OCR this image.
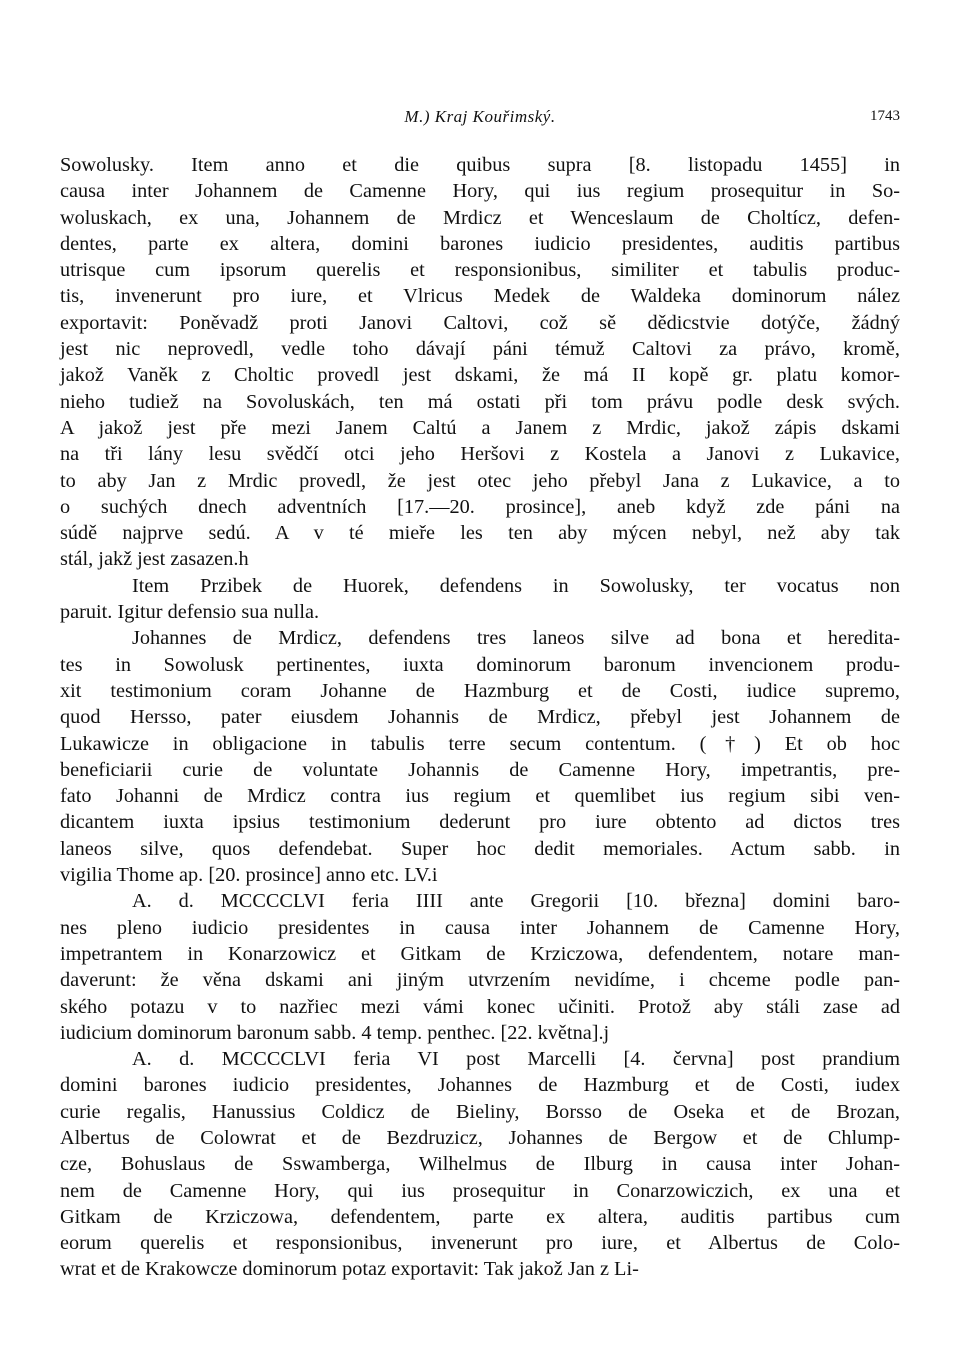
M.) Kraj Kouřimský.	1743
Sowolusky. Item anno et die quibus supra [8. listopadu 1455] in
causa inter Johannem de Camenne Hory, qui ius regium prosequitur in So-
woluskach, ex una, Johannem de Mrdicz et Wenceslaum de Choltícz, defen-
dentes, parte ex altera, domini barones iudicio presidentes, auditis partibus
utrisque cum ipsorum querelis et responsionibus, similiter et tabulis produc-
tis, invenerunt pro iure, et Vlricus Medek de Waldeka dominorum nález
exportavit: Poněvadž proti Janovi Caltovi, což sě dědicstvie dotýče, žádný
jest nic neprovedl, vedle toho dávají páni témuž Caltovi za právo, kromě,
jakož Vaněk z Choltic provedl jest dskami, že má II kopě gr. platu komor-
nieho tudiež na Sovoluskách, ten má ostati při tom právu podle desk svých.
A jakož jest pře mezi Janem Caltú a Janem z Mrdic, jakož zápis dskami
na tři lány lesu svědčí otci jeho Heršovi z Kostela a Janovi z Lukavice,
to aby Jan z Mrdic provedl, že jest otec jeho přebyl Jana z Lukavice, a to
o suchých dnech adventních [17.—20. prosince], aneb když zde páni na
súdě najprve sedú. A v té mieře les ten aby mýcen nebyl, než aby tak
stál, jakž jest zasazen.h
Item Przibek de Huorek, defendens in Sowolusky, ter vocatus non
paruit. Igitur defensio sua nulla.
Johannes de Mrdicz, defendens tres laneos silve ad bona et heredita-
tes in Sowolusk pertinentes, iuxta dominorum baronum invencionem produ-
xit testimonium coram Johanne de Hazmburg et de Costi, iudice supremo,
quod Hersso, pater eiusdem Johannis de Mrdicz, přebyl jest Johannem de
Lukawicze in obligacione in tabulis terre secum contentum. (†) Et ob hoc
beneficiarii curie de voluntate Johannis de Camenne Hory, impetrantis, pre-
fato Johanni de Mrdicz contra ius regium et quemlibet ius regium sibi ven-
dicantem iuxta ipsius testimonium dederunt pro iure obtento ad dictos tres
laneos silve, quos defendebat. Super hoc dedit memoriales. Actum sabb. in
vigilia Thome ap. [20. prosince] anno etc. LV.i
A. d. MCCCCLVI feria IIII ante Gregorii [10. března] domini baro-
nes pleno iudicio presidentes in causa inter Johannem de Camenne Hory,
impetrantem in Konarzowicz et Gitkam de Krziczowa, defendentem, notare man-
daverunt: že věna dskami ani jiným utvrzením nevidíme, i chceme podle pan-
ského potazu v to nazřiec mezi vámi konec učiniti. Protož aby stáli zase ad
iudicium dominorum baronum sabb. 4 temp. penthec. [22. května].j
A. d. MCCCCLVI feria VI post Marcelli [4. června] post prandium
domini barones iudicio presidentes, Johannes de Hazmburg et de Costi, iudex
curie regalis, Hanussius Coldicz de Bieliny, Borsso de Oseka et de Brozan,
Albertus de Colowrat et de Bezdruzicz, Johannes de Bergow et de Chlump-
cze, Bohuslaus de Sswamberga, Wilhelmus de Ilburg in causa inter Johan-
nem de Camenne Hory, qui ius prosequitur in Conarzowiczich, ex una et
Gitkam de Krziczowa, defendentem, parte ex altera, auditis partibus cum
eorum querelis et responsionibus, invenerunt pro iure, et Albertus de Colo-
wrat et de Krakowcze dominorum potaz exportavit: Tak jakož Jan z Li-
